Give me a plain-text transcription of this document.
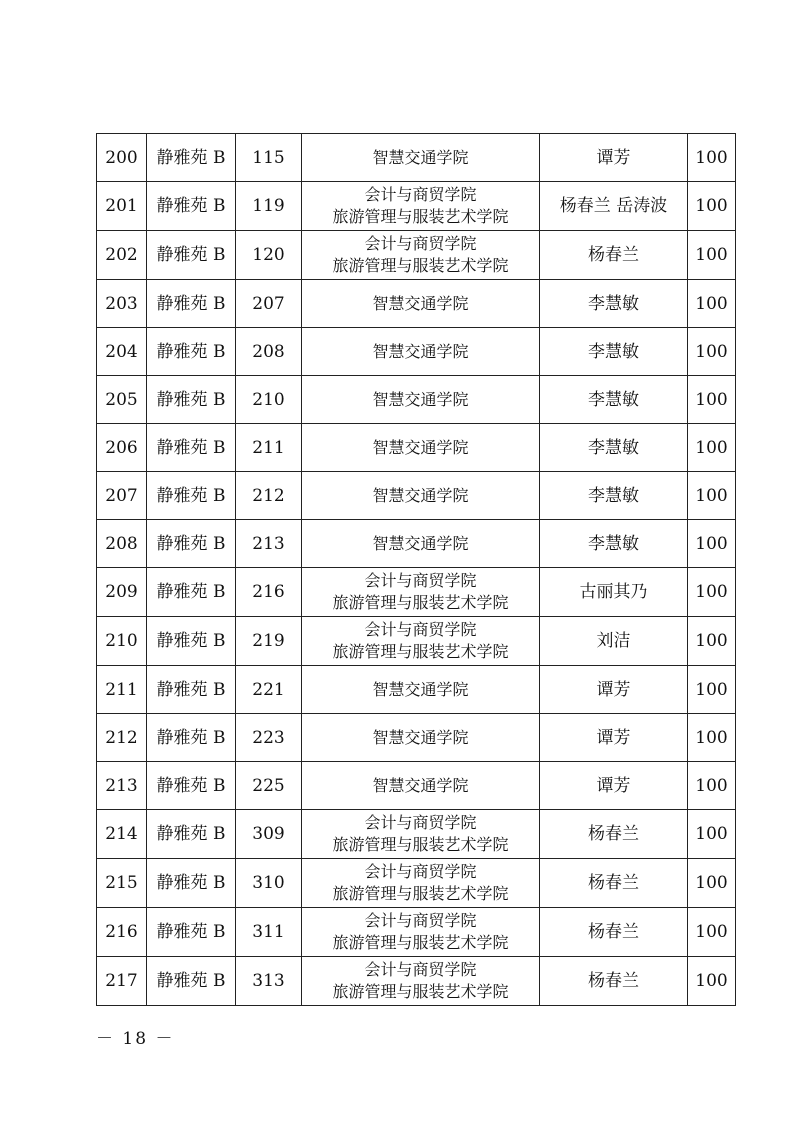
200	静雅苑 B	115	智慧交通学院	谭芳	100
201	静雅苑 B	119	会计与商贸学院
旅游管理与服装艺术学院	杨春兰 岳涛波	100
202	静雅苑 B	120	会计与商贸学院
旅游管理与服装艺术学院	杨春兰	100
203	静雅苑 B	207	智慧交通学院	李慧敏	100
204	静雅苑 B	208	智慧交通学院	李慧敏	100
205	静雅苑 B	210	智慧交通学院	李慧敏	100
206	静雅苑 B	211	智慧交通学院	李慧敏	100
207	静雅苑 B	212	智慧交通学院	李慧敏	100
208	静雅苑 B	213	智慧交通学院	李慧敏	100
209	静雅苑 B	216	会计与商贸学院
旅游管理与服装艺术学院	古丽其乃	100
210	静雅苑 B	219	会计与商贸学院
旅游管理与服装艺术学院	刘洁	100
211	静雅苑 B	221	智慧交通学院	谭芳	100
212	静雅苑 B	223	智慧交通学院	谭芳	100
213	静雅苑 B	225	智慧交通学院	谭芳	100
214	静雅苑 B	309	会计与商贸学院
旅游管理与服装艺术学院	杨春兰	100
215	静雅苑 B	310	会计与商贸学院
旅游管理与服装艺术学院	杨春兰	100
216	静雅苑 B	311	会计与商贸学院
旅游管理与服装艺术学院	杨春兰	100
217	静雅苑 B	313	会计与商贸学院
旅游管理与服装艺术学院	杨春兰	100
－ 18 －
